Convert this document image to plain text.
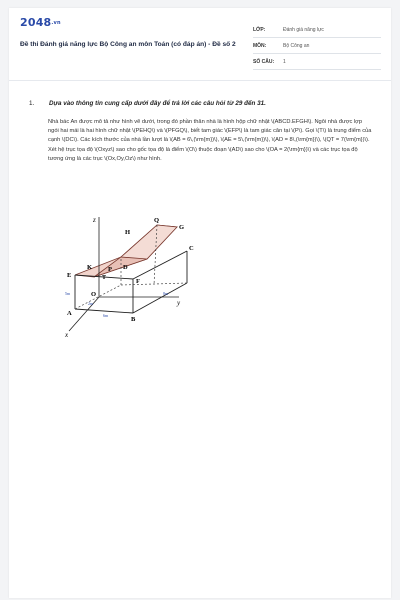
2048.vn
Đề thi Đánh giá năng lực Bộ Công an môn Toán (có đáp án) - Đề số 2
LỚP:	Đánh giá năng lực
MÔN:	Bộ Công an
SỐ CÂU:	1
1. Dựa vào thông tin cung cấp dưới đây để trả lời các câu hỏi từ 29 đến 31.
Nhà bác An được mô tả như hình vẽ dưới, trong đó phần thân nhà là hình hộp chữ nhật \(ABCD.EFGH\). Ngôi nhà được lợp ngói hai mái là hai hình chữ nhật \(PEHQ\) và \(PFGQ\), biết tam giác \(EFP\) là tam giác cân tại \(P\). Gọi \(T\) là trung điểm của cạnh \(DC\). Các kích thước của nhà lần lượt là \(AB = 6\,(\rm{m})\), \(AE = 5\,(\rm{m})\), \(AD = 8\,(\rm{m})\), \(QT = 7(\rm{m})\). Xét hệ trục tọa độ \(Oxyz\) sao cho gốc tọa độ là điểm \(O\) thuộc đoạn \(AD\) sao cho \(OA = 2(\rm{m})\) và các trục tọa độ tương ứng là các trục \(Ox,Oy,Oz\) như hình.
z
y
x
Q
G
H
K P D
E
F
C
T
O
A
B
5m
6m
8m
2m
